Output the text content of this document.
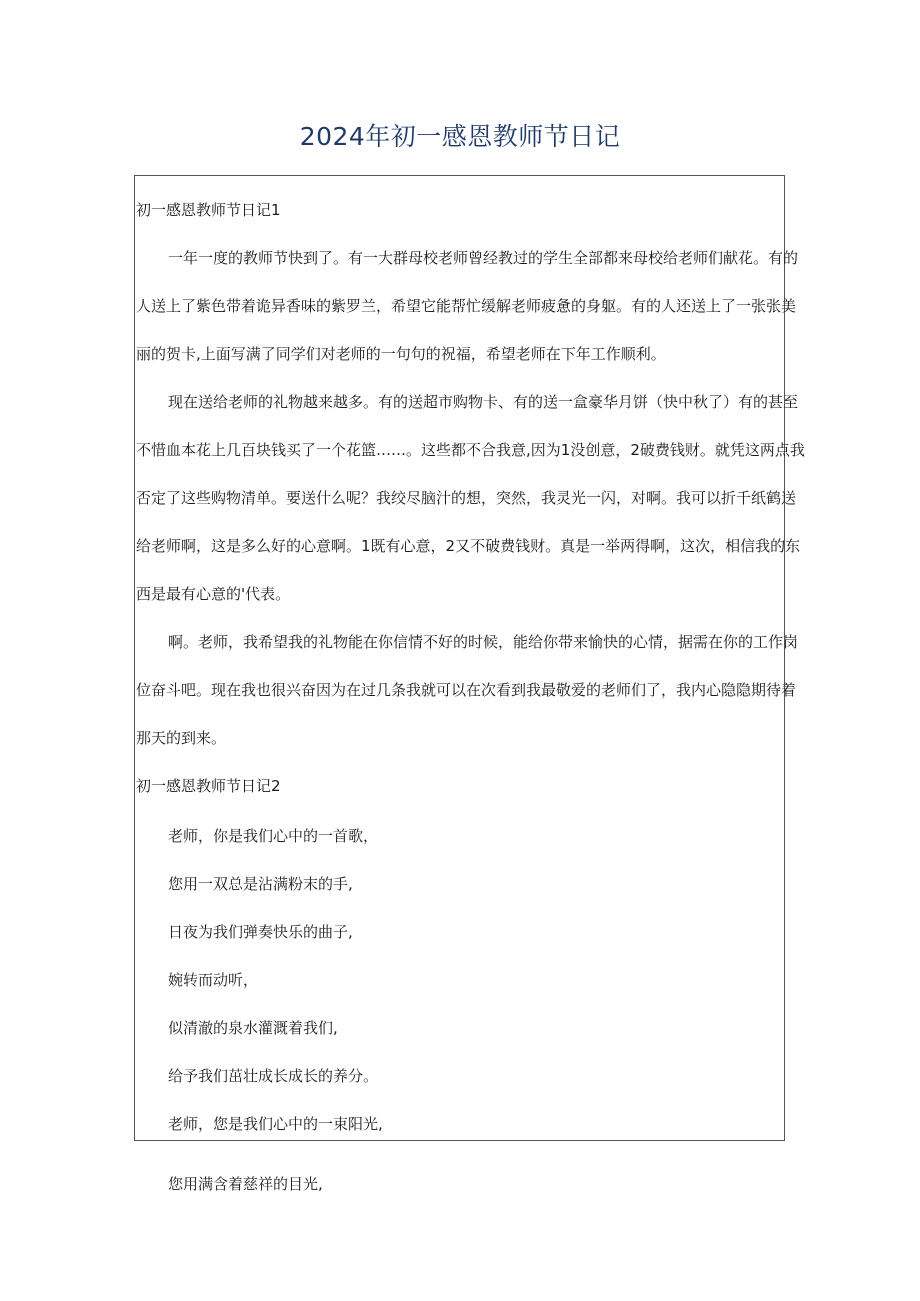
2024年初一感恩教师节日记
初一感恩教师节日记1
一年一度的教师节快到了。有一大群母校老师曾经教过的学生全部都来母校给老师们献花。有的
人送上了紫色带着诡异香味的紫罗兰，希望它能帮忙缓解老师疲惫的身躯。有的人还送上了一张张美
丽的贺卡,上面写满了同学们对老师的一句句的祝福，希望老师在下年工作顺利。
现在送给老师的礼物越来越多。有的送超市购物卡、有的送一盒豪华月饼（快中秋了）有的甚至
不惜血本花上几百块钱买了一个花篮……。这些都不合我意,因为1没创意，2破费钱财。就凭这两点我
否定了这些购物清单。要送什么呢？我绞尽脑汁的想，突然，我灵光一闪，对啊。我可以折千纸鹤送
给老师啊，这是多么好的心意啊。1既有心意，2又不破费钱财。真是一举两得啊，这次，相信我的东
西是最有心意的'代表。
啊。老师，我希望我的礼物能在你信情不好的时候，能给你带来愉快的心情，据需在你的工作岗
位奋斗吧。现在我也很兴奋因为在过几条我就可以在次看到我最敬爱的老师们了，我内心隐隐期待着
那天的到来。
初一感恩教师节日记2
老师，你是我们心中的一首歌，
您用一双总是沾满粉末的手,
日夜为我们弹奏快乐的曲子,
婉转而动听，
似清澈的泉水灌溉着我们,
给予我们茁壮成长成长的养分。
老师，您是我们心中的一束阳光,
您用满含着慈祥的目光,
